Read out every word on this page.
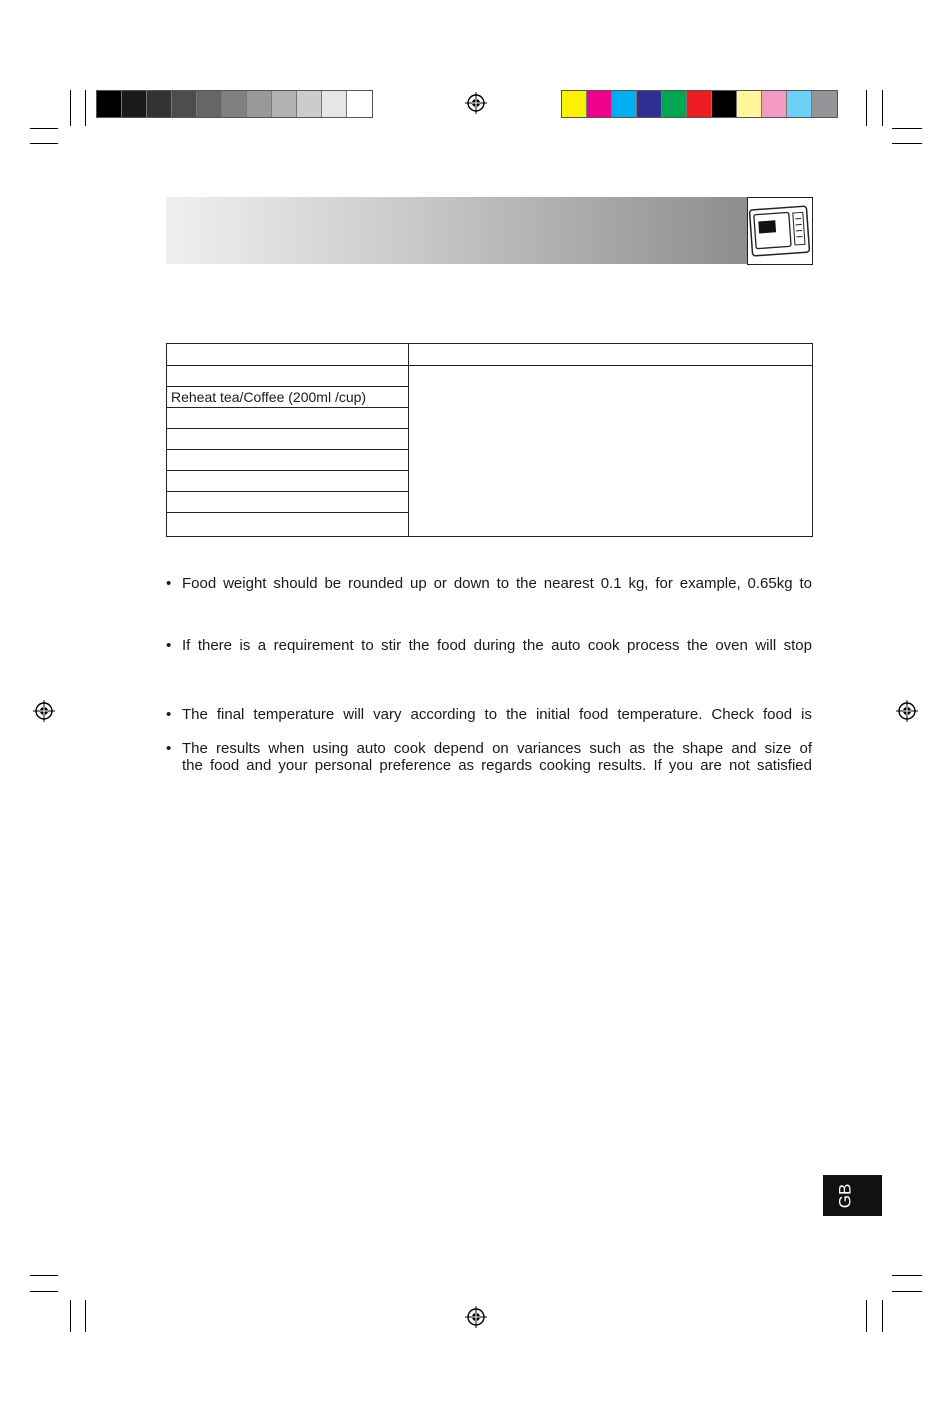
Reheat tea/Coffee (200ml /cup)	

• Food weight should be rounded up or down to the nearest 0.1 kg, for example, 0.65kg to
• If there is a requirement to stir the food during the auto cook process the oven will stop
• The final temperature will vary according to the initial food temperature. Check food is
• The results when using auto cook depend on variances such as the shape and size of
the food and your personal preference as regards cooking results. If you are not satisfied
GB
